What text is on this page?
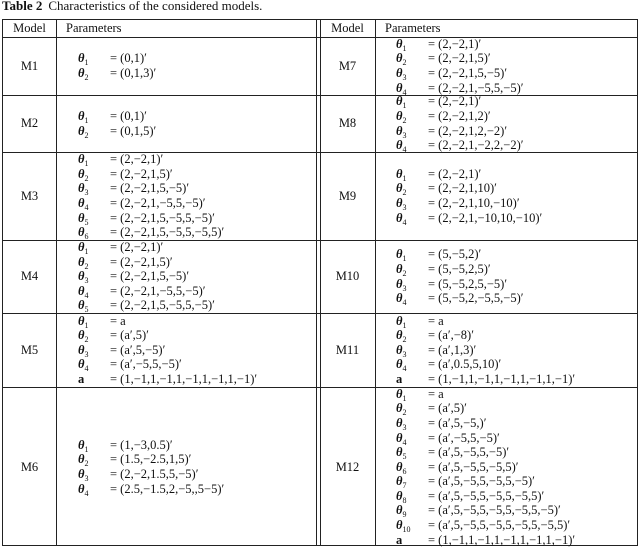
Table 2 Characteristics of the considered models.
Model	Parameters	Model	Parameters
M1
θ 1 = (0,1)′
θ 2 = (0,1,3)′
M2
θ 1 = (0,1)′
θ 2 = (0,1,5)′
M3
θ 1 = (2,−2,1)′
θ 2 = (2,−2,1,5)′
θ 3 = (2,−2,1,5,−5)′
θ 4 = (2,−2,1,−5,5,−5)′
θ 5 = (2,−2,1,5,−5,5,−5)′
θ 6 = (2,−2,1,5,−5,5,−5,5)′
M4
θ 1 = (2,−2,1)′
θ 2 = (2,−2,1,5)′
θ 3 = (2,−2,1,5,−5)′
θ 4 = (2,−2,1,−5,5,−5)′
θ 5 = (2,−2,1,5,−5,5,−5)′
M5
θ 1 = a
θ 2 = (a′,5)′
θ 3 = (a′,5,−5)′
θ 4 = (a′,−5,5,−5)′
a = (1,−1,1,−1,1,−1,1,−1,1,−1)′
M6
θ 1 = (1,−3,0.5)′
θ 2 = (1.5,−2.5,1,5)′
θ 3 = (2,−2,1.5,5,−5)′
θ 4 = (2.5,−1.5,2,−5,,5−5)′
M7
θ 1 = (2,−2,1)′
θ 2 = (2,−2,1,5)′
θ 3 = (2,−2,1,5,−5)′
θ 4 = (2,−2,1,−5,5,−5)′
M8
θ 1 = (2,−2,1)′
θ 2 = (2,−2,1,2)′
θ 3 = (2,−2,1,2,−2)′
θ 4 = (2,−2,1,−2,2,−2)′
M9
θ 1 = (2,−2,1)′
θ 2 = (2,−2,1,10)′
θ 3 = (2,−2,1,10,−10)′
θ 4 = (2,−2,1,−10,10,−10)′
M10
θ 1 = (5,−5,2)′
θ 2 = (5,−5,2,5)′
θ 3 = (5,−5,2,5,−5)′
θ 4 = (5,−5,2,−5,5,−5)′
M11
θ 1 = a
θ 2 = (a′,−8)′
θ 3 = (a′,1,3)′
θ 4 = (a′,0.5,5,10)′
a = (1,−1,1,−1,1,−1,1,−1,1,−1)′
M12
θ 1 = a
θ 2 = (a′,5)′
θ 3 = (a′,5,−5,)′
θ 4 = (a′,−5,5,−5)′
θ 5 = (a′,5,−5,5,−5)′
θ 6 = (a′,5,−5,5,−5,5)′
θ 7 = (a′,5,−5,5,−5,5,−5)′
θ 8 = (a′,5,−5,5,−5,5,−5,5)′
θ 9 = (a′,5,−5,5,−5,5,−5,5,−5)′
θ 10 = (a′,5,−5,5,−5,5,−5,5,−5,5)′
a = (1,−1,1,−1,1,−1,1,−1,1,−1)′
